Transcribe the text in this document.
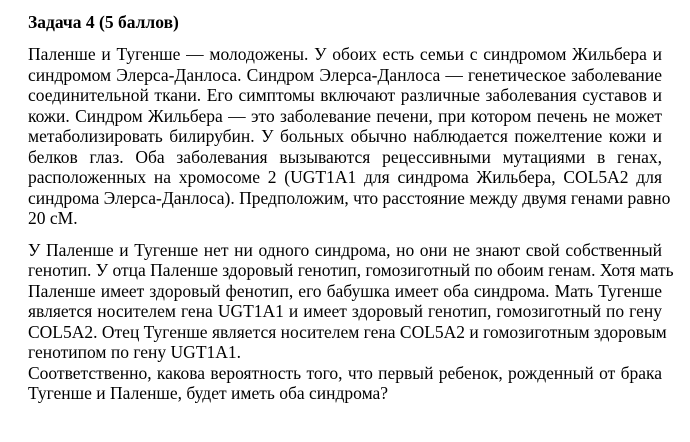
Задача 4 (5 баллов)
Паленше и Тугенше — молодожены. У обоих есть семьи с синдромом Жильбера и
синдромом Элерса-Данлоса. Синдром Элерса-Данлоса — генетическое заболевание
соединительной ткани. Его симптомы включают различные заболевания суставов и
кожи. Синдром Жильбера — это заболевание печени, при котором печень не может
метаболизировать билирубин. У больных обычно наблюдается пожелтение кожи и
белков глаз. Оба заболевания вызываются рецессивными мутациями в генах,
расположенных на хромосоме 2 (UGT1A1 для синдрома Жильбера, COL5A2 для
синдрома Элерса-Данлоса). Предположим, что расстояние между двумя генами равно
20 сМ.
У Паленше и Тугенше нет ни одного синдрома, но они не знают свой собственный
генотип. У отца Паленше здоровый генотип, гомозиготный по обоим генам. Хотя мать
Паленше имеет здоровый фенотип, его бабушка имеет оба синдрома. Мать Тугенше
является носителем гена UGT1A1 и имеет здоровый генотип, гомозиготный по гену
COL5A2. Отец Тугенше является носителем гена COL5A2 и гомозиготным здоровым
генотипом по гену UGT1A1.
Соответственно, какова вероятность того, что первый ребенок, рожденный от брака
Тугенше и Паленше, будет иметь оба синдрома?
